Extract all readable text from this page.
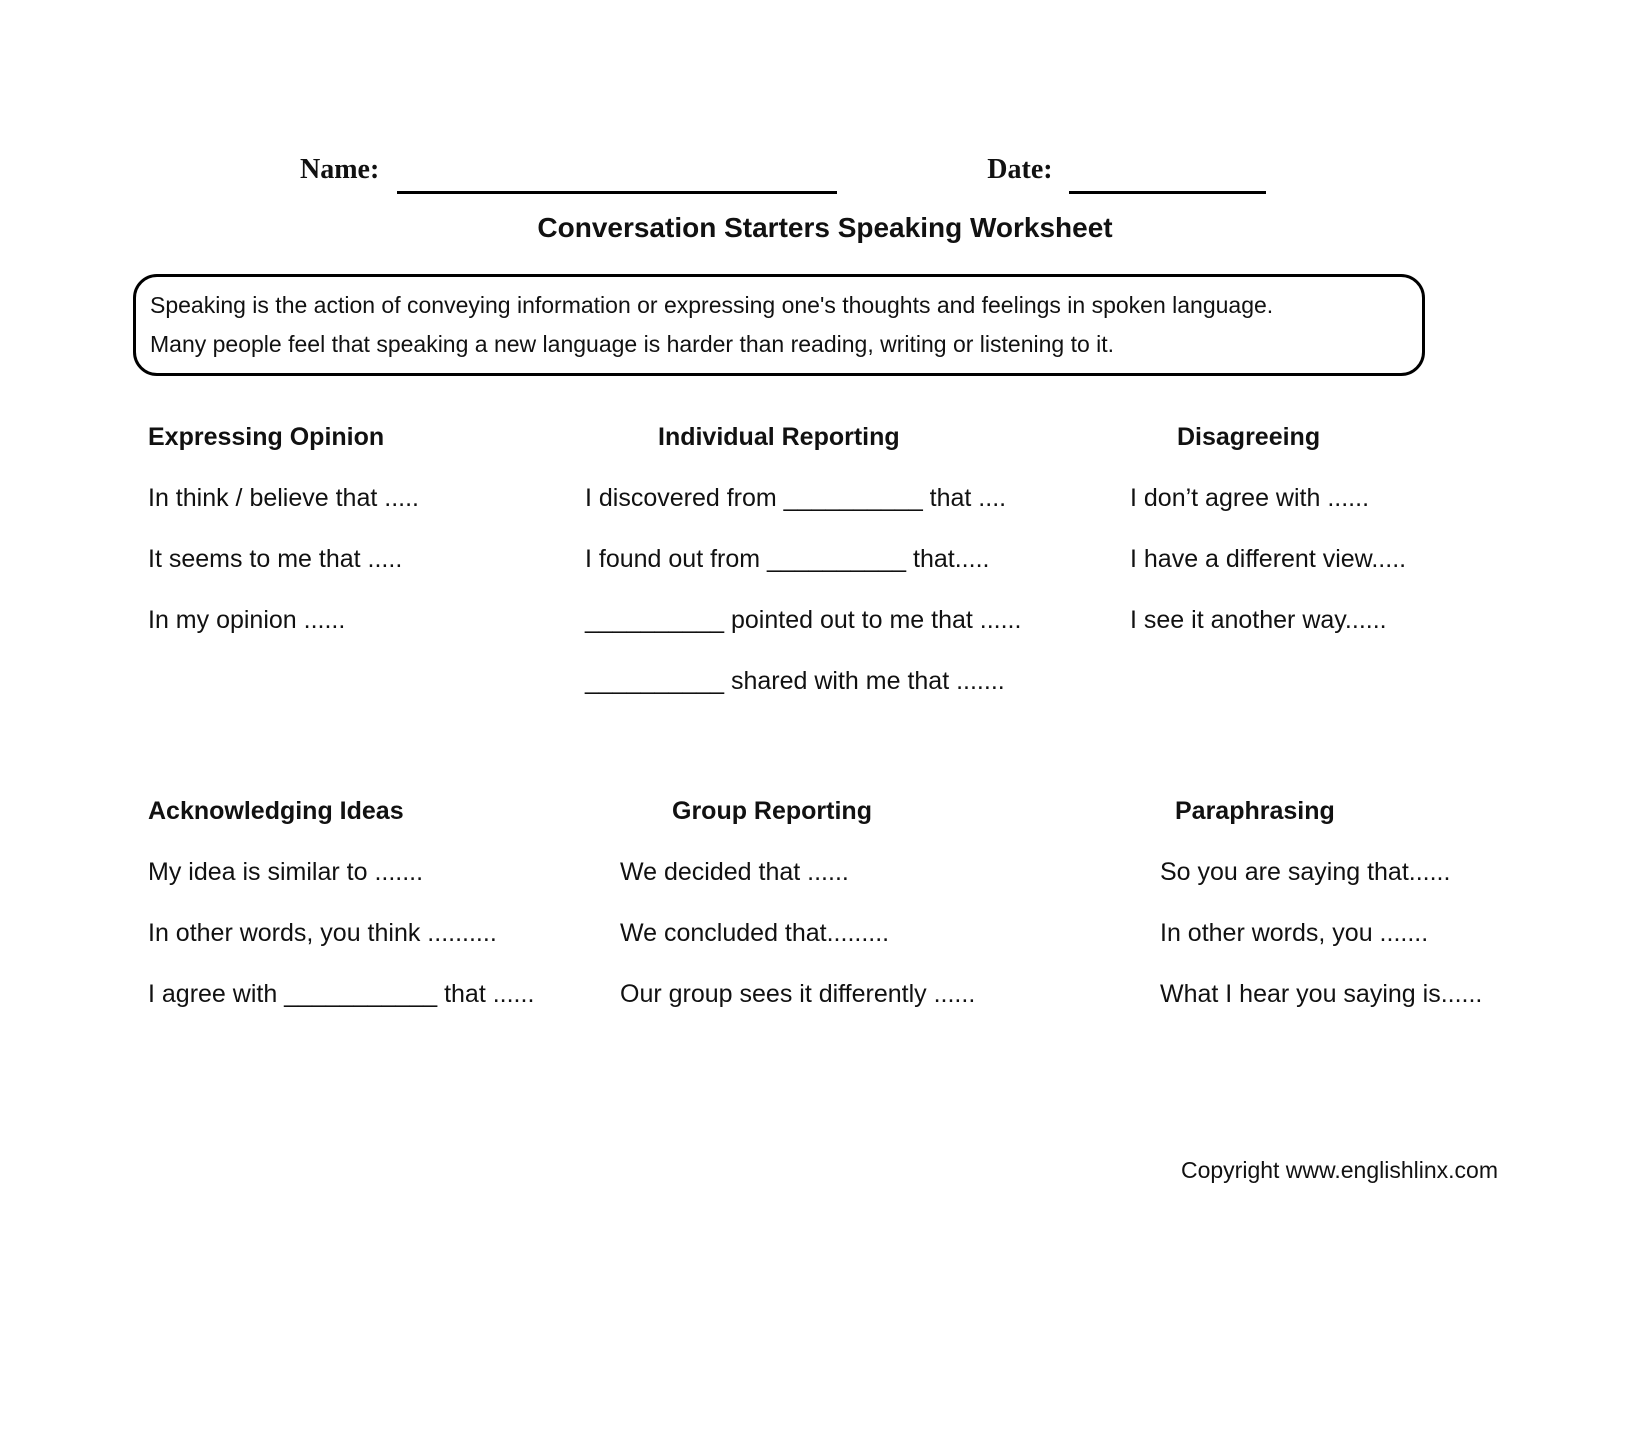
Name:	Date:
Conversation Starters Speaking Worksheet
Speaking is the action of conveying information or expressing one's thoughts and feelings in spoken language.
Many people feel that speaking a new language is harder than reading, writing or listening to it.
Expressing Opinion
In think / believe that .....
It seems to me that .....
In my opinion ......
Individual Reporting
I discovered from __________ that ....
I found out from __________ that.....
__________ pointed out to me that ......
__________ shared with me that .......
Disagreeing
I don’t agree with ......
I have a different view.....
I see it another way......
Acknowledging Ideas
My idea is similar to .......
In other words, you think ..........
I agree with ___________ that ......
Group Reporting
We decided that ......
We concluded that.........
Our group sees it differently ......
Paraphrasing
So you are saying that......
In other words, you .......
What I hear you saying is......
Copyright www.englishlinx.com
